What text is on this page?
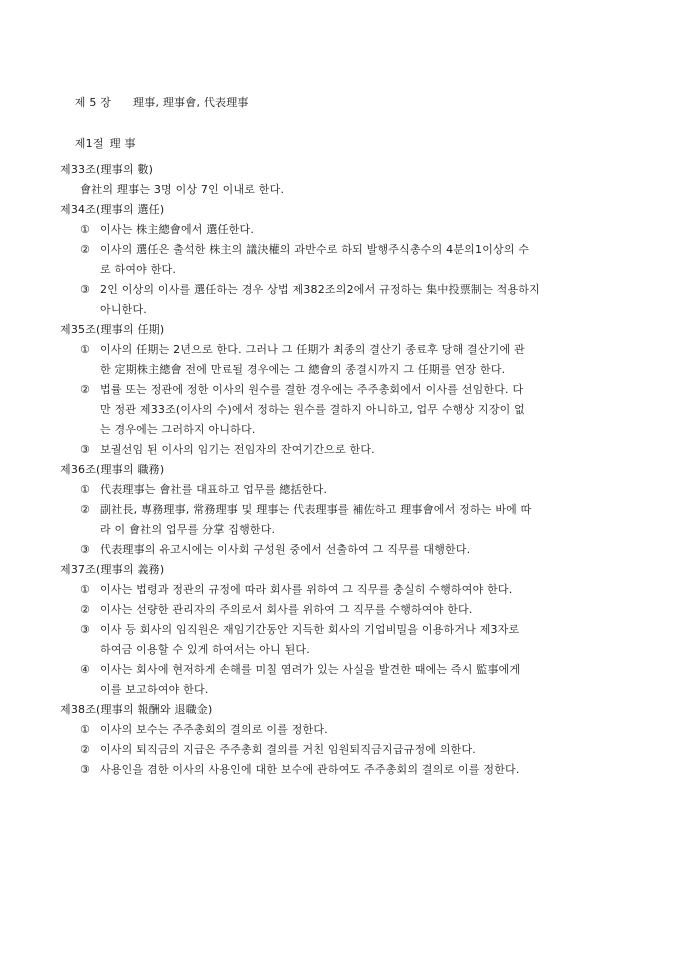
제 5 장 理事, 理事會, 代表理事

제1절 理 事

제33조(理事의 數)
會社의 理事는 3명 이상 7인 이내로 한다.
제34조(理事의 選任)
① 이사는 株主總會에서 選任한다.
② 이사의 選任은 출석한 株主의 議決權의 과반수로 하되 발행주식총수의 4분의1이상의 수
로 하여야 한다.
③ 2인 이상의 이사를 選任하는 경우 상법 제382조의2에서 규정하는 集中投票制는 적용하지
아니한다.
제35조(理事의 任期)
① 이사의 任期는 2년으로 한다. 그러나 그 任期가 최종의 결산기 종료후 당해 결산기에 관
한 定期株主總會 전에 만료될 경우에는 그 總會의 종결시까지 그 任期를 연장 한다.
② 법률 또는 정관에 정한 이사의 원수를 결한 경우에는 주주총회에서 이사를 선임한다. 다
만 정관 제33조(이사의 수)에서 정하는 원수를 결하지 아니하고, 업무 수행상 지장이 없
는 경우에는 그러하지 아니하다.
③ 보궐선임 된 이사의 임기는 전임자의 잔여기간으로 한다.
제36조(理事의 職務)
① 代表理事는 會社를 대표하고 업무를 總括한다.
② 副社長, 專務理事, 常務理事 및 理事는 代表理事를 補佐하고 理事會에서 정하는 바에 따
라 이 會社의 업무를 分掌 집행한다.
③ 代表理事의 유고시에는 이사회 구성원 중에서 선출하여 그 직무를 대행한다.
제37조(理事의 義務)
① 이사는 법령과 정관의 규정에 따라 회사를 위하여 그 직무를 충실히 수행하여야 한다.
② 이사는 선량한 관리자의 주의로서 회사를 위하여 그 직무를 수행하여야 한다.
③ 이사 등 회사의 임직원은 재임기간동안 지득한 회사의 기업비밀을 이용하거나 제3자로
하여금 이용할 수 있게 하여서는 아니 된다.
④ 이사는 회사에 현저하게 손해를 미칠 염려가 있는 사실을 발견한 때에는 즉시 監事에게
이를 보고하여야 한다.
제38조(理事의 報酬와 退職金)
① 이사의 보수는 주주총회의 결의로 이를 정한다.
② 이사의 퇴직금의 지급은 주주총회 결의를 거친 임원퇴직금지급규정에 의한다.
③ 사용인을 겸한 이사의 사용인에 대한 보수에 관하여도 주주총회의 결의로 이를 정한다.
